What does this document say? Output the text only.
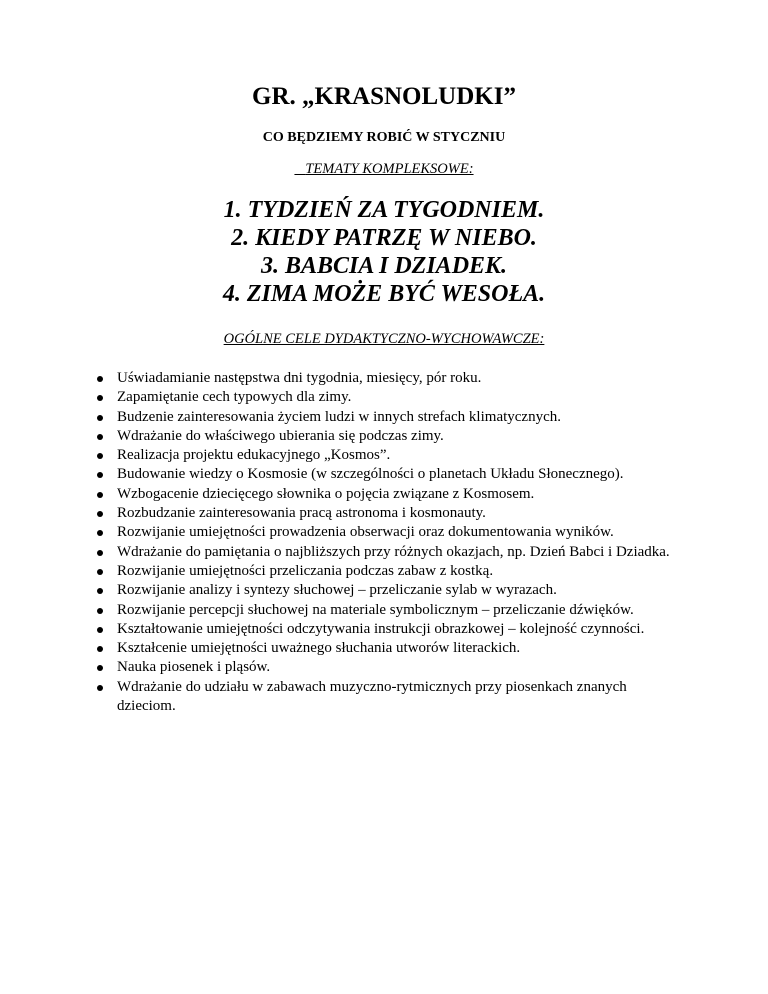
GR. „KRASNOLUDKI”
CO BĘDZIEMY ROBIĆ W STYCZNIU
TEMATY KOMPLEKSOWE:
1. TYDZIEŃ ZA TYGODNIEM.
2. KIEDY PATRZĘ W NIEBO.
3. BABCIA I DZIADEK.
4. ZIMA MOŻE BYĆ WESOŁA.
OGÓLNE CELE DYDAKTYCZNO-WYCHOWAWCZE:
Uświadamianie następstwa dni tygodnia, miesięcy, pór roku.
Zapamiętanie cech typowych dla zimy.
Budzenie zainteresowania życiem ludzi w innych strefach klimatycznych.
Wdrażanie do właściwego ubierania się podczas zimy.
Realizacja projektu edukacyjnego „Kosmos”.
Budowanie wiedzy o Kosmosie (w szczególności o planetach Układu Słonecznego).
Wzbogacenie dziecięcego słownika o pojęcia związane z Kosmosem.
Rozbudzanie zainteresowania pracą astronoma i kosmonauty.
Rozwijanie umiejętności prowadzenia obserwacji oraz dokumentowania wyników.
Wdrażanie do pamiętania o najbliższych przy różnych okazjach, np. Dzień Babci i Dziadka.
Rozwijanie umiejętności przeliczania podczas zabaw z kostką.
Rozwijanie analizy i syntezy słuchowej – przeliczanie sylab w wyrazach.
Rozwijanie percepcji słuchowej na materiale symbolicznym – przeliczanie dźwięków.
Kształtowanie umiejętności odczytywania instrukcji obrazkowej – kolejność czynności.
Kształcenie umiejętności uważnego słuchania utworów literackich.
Nauka piosenek i pląsów.
Wdrażanie do udziału w zabawach muzyczno-rytmicznych przy piosenkach znanych dzieciom.
